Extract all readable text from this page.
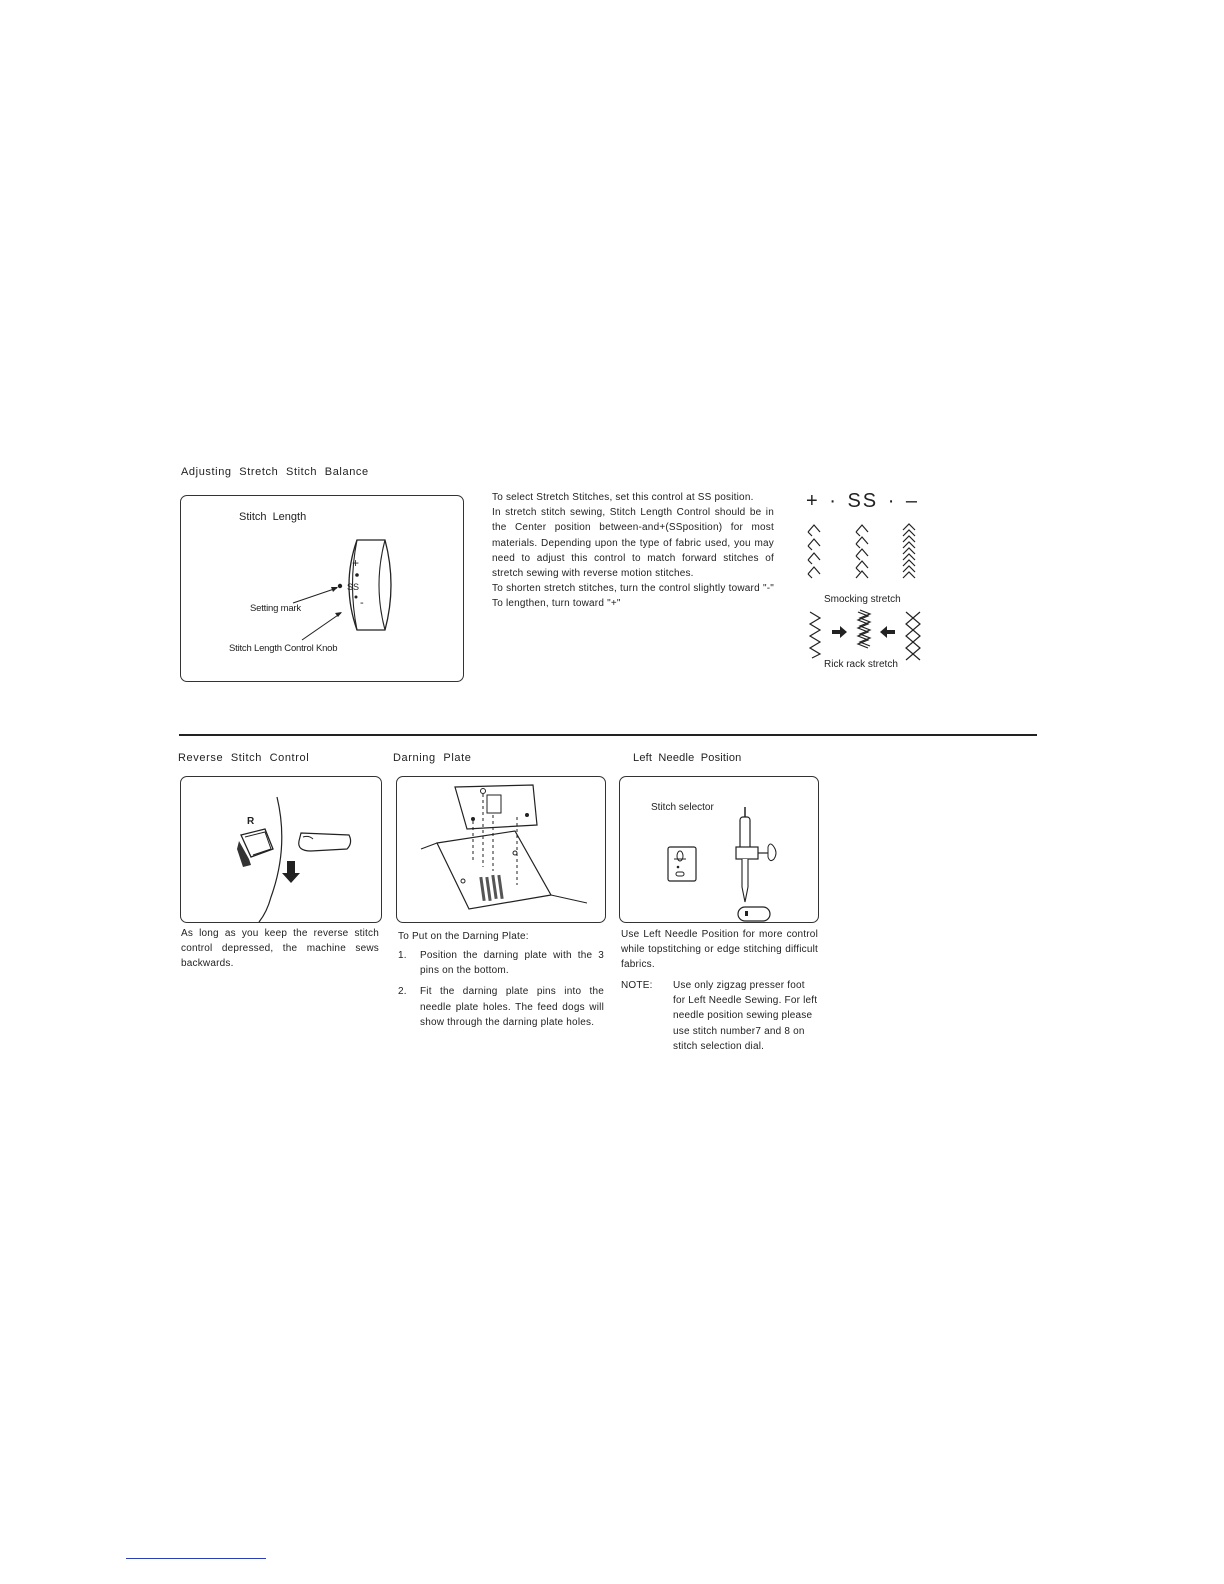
Adjusting Stretch Stitch Balance
Stitch Length
+
SS
-
Setting mark
Stitch Length Control Knob
To select Stretch Stitches, set this control at SS position.
In stretch stitch sewing, Stitch Length Control should be in the Center position between-and+(SSposition) for most materials. Depending upon the type of fabric used, you may need to adjust this control to match forward stitches of stretch sewing with reverse motion stitches.
To shorten stretch stitches, turn the control slightly toward "-" To lengthen, turn toward "+"
+ · SS · –
Smocking stretch
Rick rack stretch
Reverse Stitch Control	Darning Plate	Left Needle Position
R
As long as you keep the reverse stitch control depressed, the machine sews backwards.
To Put on the Darning Plate:
1.	Position the darning plate with the 3 pins on the bottom.
2.	Fit the darning plate pins into the needle plate holes. The feed dogs will show through the darning plate holes.
Stitch selector
Use Left Needle Position for more control while topstitching or edge stitching difficult fabrics.
NOTE:	Use only zigzag presser foot for Left Needle Sewing. For left needle position sewing please use stitch number7 and 8 on stitch selection dial.
